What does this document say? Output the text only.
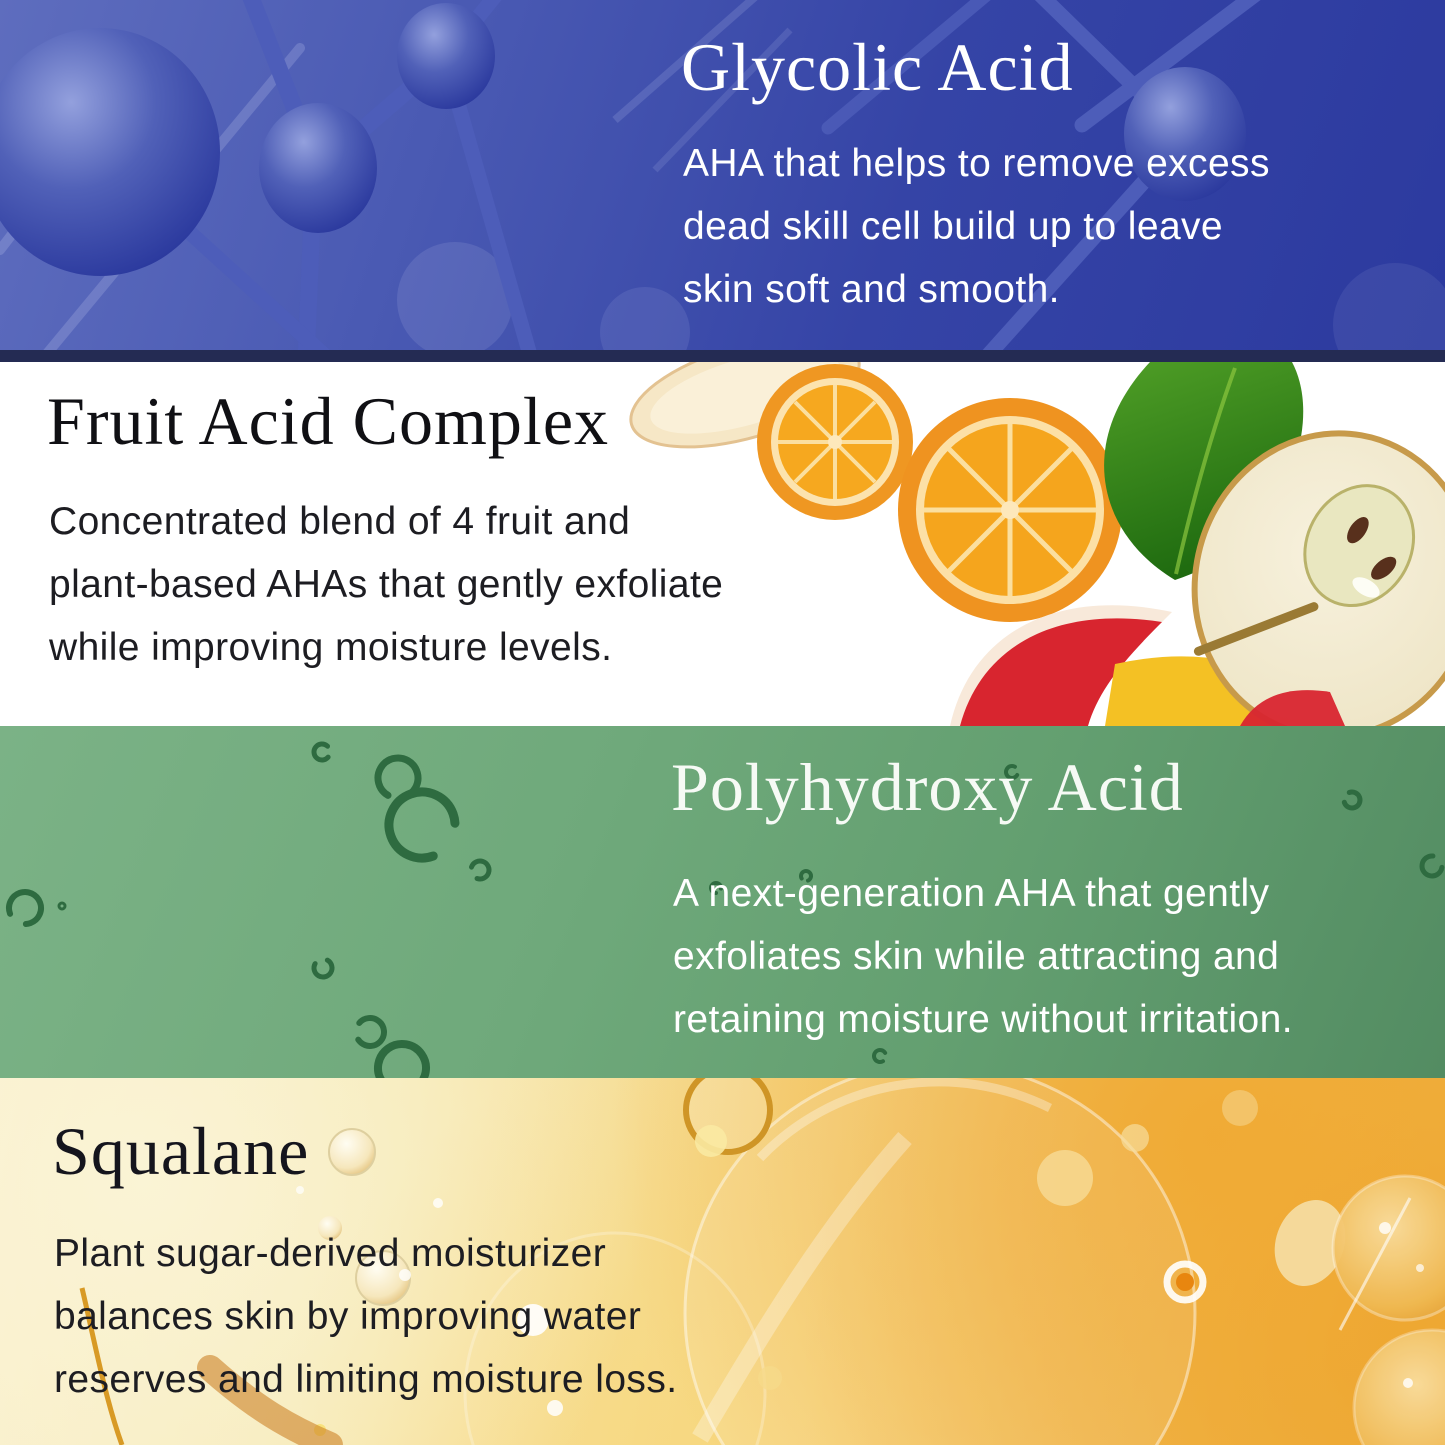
Glycolic Acid
AHA that helps to remove excess
dead skill cell build up to leave
skin soft and smooth.
Fruit Acid Complex
Concentrated blend of 4 fruit and
plant-based AHAs that gently exfoliate
while improving moisture levels.
Polyhydroxy Acid
A next-generation AHA that gently
exfoliates skin while attracting and
retaining moisture without irritation.
Squalane
Plant sugar-derived moisturizer
balances skin by improving water
reserves and limiting moisture loss.
